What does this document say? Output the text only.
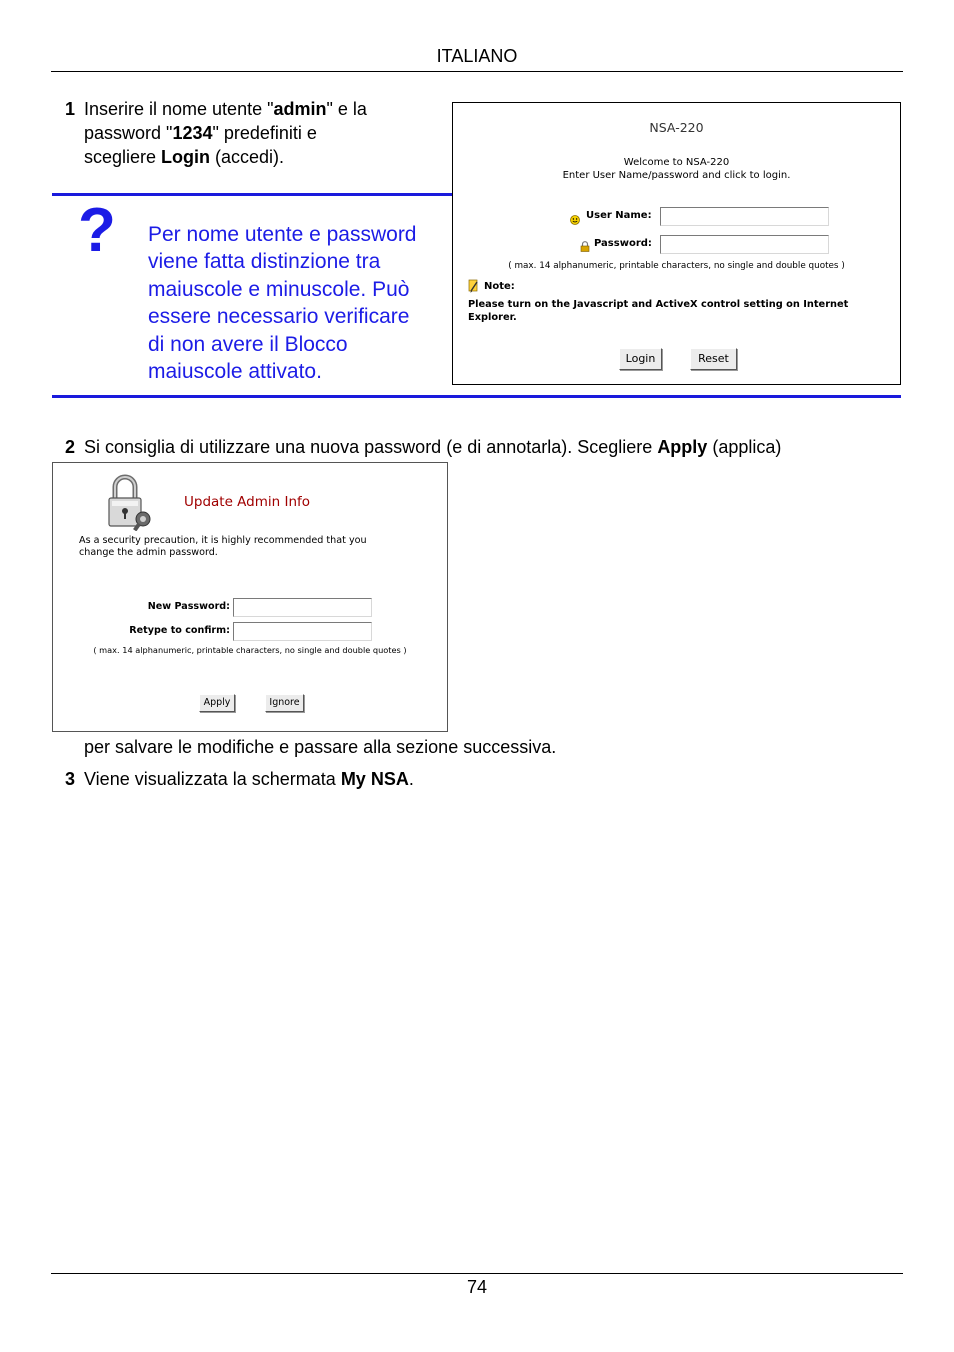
ITALIANO
1 Inserire il nome utente "admin" e la
password "1234" predefiniti e
scegliere Login (accedi).
? Per nome utente e password
viene fatta distinzione tra
maiuscole e minuscole. Può
essere necessario verificare
di non avere il Blocco
maiuscole attivato.
NSA-220
Welcome to NSA-220
Enter User Name/password and click to login.
User Name:
Password:
( max. 14 alphanumeric, printable characters, no single and double quotes )
Note:
Please turn on the Javascript and ActiveX control setting on Internet
Explorer.
Login	Reset
2 Si consiglia di utilizzare una nuova password (e di annotarla). Scegliere Apply (applica)
Update Admin Info
As a security precaution, it is highly recommended that you
change the admin password.
New Password:
Retype to confirm:
( max. 14 alphanumeric, printable characters, no single and double quotes )
Apply	Ignore
per salvare le modifiche e passare alla sezione successiva.
3 Viene visualizzata la schermata My NSA.
74
